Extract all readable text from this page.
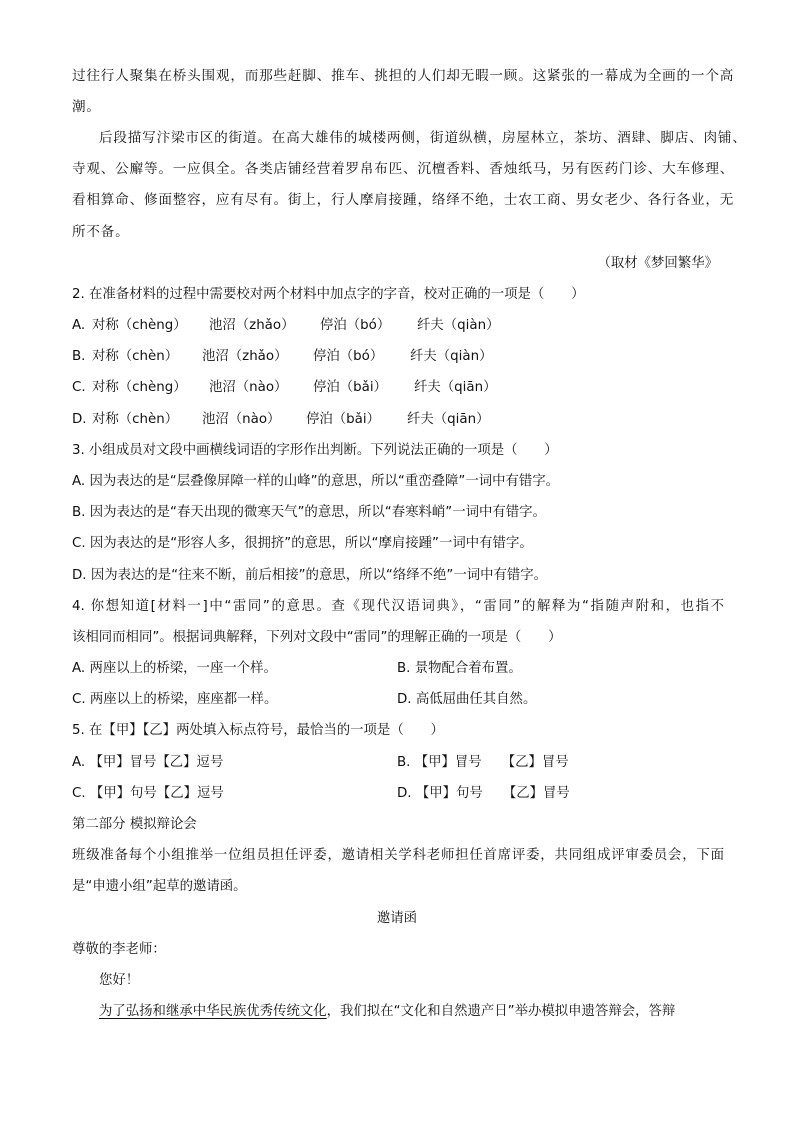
过往行人聚集在桥头围观，而那些赶脚、推车、挑担的人们却无暇一顾。这紧张的一幕成为全画的一个高
潮。
后段描写汴梁市区的街道。在高大雄伟的城楼两侧，街道纵横，房屋林立，茶坊、酒肆、脚店、肉铺、
寺观、公廨等。一应俱全。各类店铺经营着罗帛布匹、沉檀香料、香烛纸马，另有医药门诊、大车修理、
看相算命、修面整容，应有尽有。街上，行人摩肩接踵，络绎不绝，士农工商、男女老少、各行各业，无
所不备。
（取材《梦回繁华》
2. 在准备材料的过程中需要校对两个材料中加点字的字音，校对正确的一项是（　　）
A. 对称（chèng） 池沼（zhǎo） 停泊（bó） 纤夫（qiàn）
B. 对称（chèn） 池沼（zhǎo） 停泊（bó） 纤夫（qiàn）
C. 对称（chèng） 池沼（nào） 停泊（bǎi） 纤夫（qiān）
D. 对称（chèn） 池沼（nào） 停泊（bǎi） 纤夫（qiān）
3. 小组成员对文段中画横线词语的字形作出判断。下列说法正确的一项是（　　）
A. 因为表达的是“层叠像屏障一样的山峰”的意思，所以“重峦叠障”一词中有错字。
B. 因为表达的是“春天出现的微寒天气”的意思，所以“春寒料峭”一词中有错字。
C. 因为表达的是“形容人多，很拥挤”的意思，所以“摩肩接踵”一词中有错字。
D. 因为表达的是“往来不断，前后相接”的意思，所以“络绎不绝”一词中有错字。
4. 你想知道[材料一]中“雷同”的意思。查《现代汉语词典》，“雷同”的解释为“指随声附和，也指不
该相同而相同”。根据词典解释，下列对文段中“雷同”的理解正确的一项是（　　）
A. 两座以上的桥梁，一座一个样。	B. 景物配合着布置。
C. 两座以上的桥梁，座座都一样。	D. 高低屈曲任其自然。
5. 在【甲】【乙】两处填入标点符号，最恰当的一项是（　　）
A. 【甲】冒号【乙】逗号	B. 【甲】冒号　　【乙】冒号
C. 【甲】句号【乙】逗号	D. 【甲】句号　　【乙】冒号
第二部分 模拟辩论会
班级准备每个小组推举一位组员担任评委，邀请相关学科老师担任首席评委，共同组成评审委员会，下面
是“申遗小组”起草的邀请函。
邀请函
尊敬的李老师：
您好！
为了弘扬和继承中华民族优秀传统文化，我们拟在“文化和自然遗产日”举办模拟申遗答辩会，答辩
